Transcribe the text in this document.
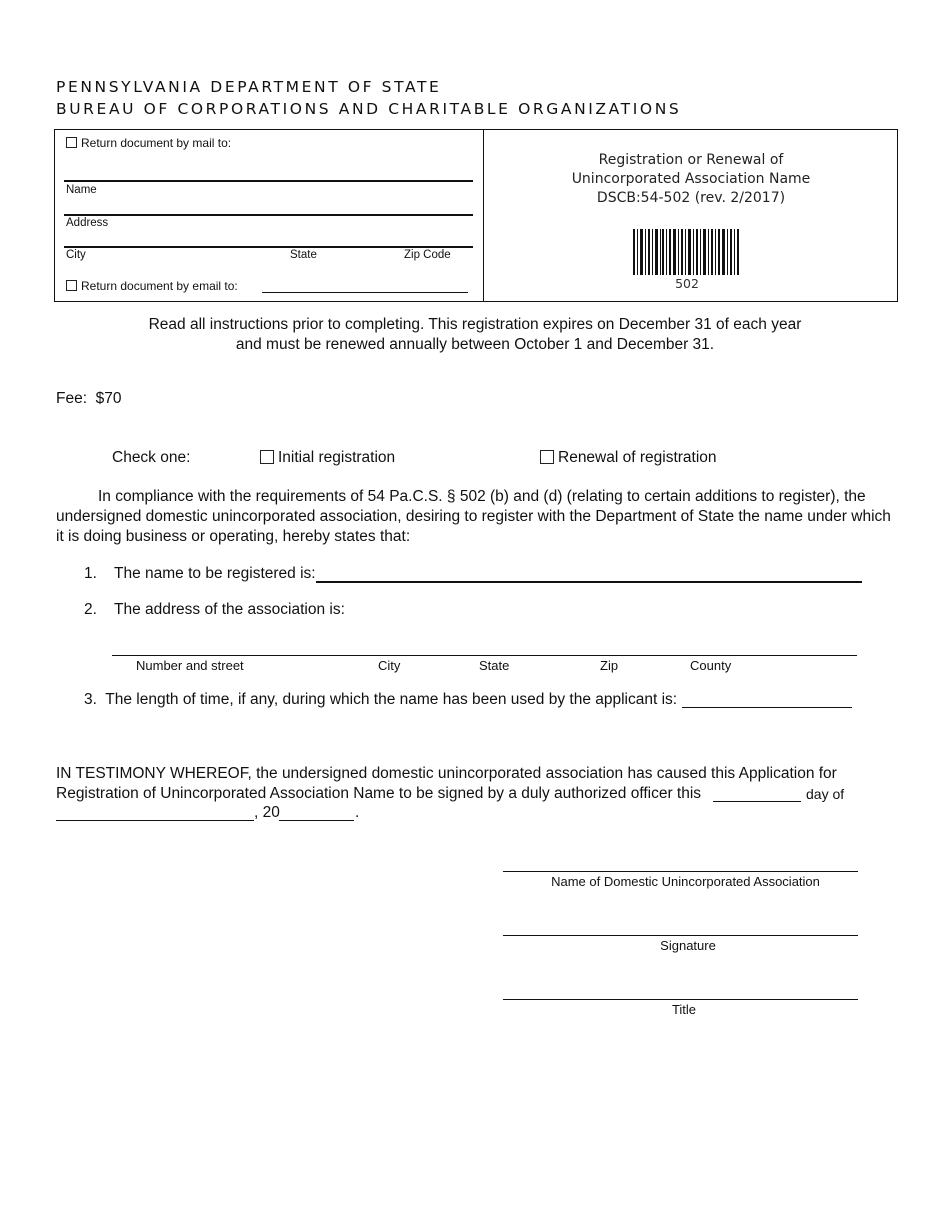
PENNSYLVANIA DEPARTMENT OF STATE
BUREAU OF CORPORATIONS AND CHARITABLE ORGANIZATIONS
Return document by mail to:
Name
Address
City	State	Zip Code
Return document by email to:
Registration or Renewal of
Unincorporated Association Name
DSCB:54-502 (rev. 2/2017)
502
Read all instructions prior to completing. This registration expires on December 31 of each year
and must be renewed annually between October 1 and December 31.
Fee:  $70
Check one:	Initial registration	Renewal of registration
In compliance with the requirements of 54 Pa.C.S. § 502 (b) and (d) (relating to certain additions to register), the
undersigned domestic unincorporated association, desiring to register with the Department of State the name under which
it is doing business or operating, hereby states that:
1. The name to be registered is:
2. The address of the association is:
Number and street	City	State	Zip	County
3.  The length of time, if any, during which the name has been used by the applicant is:
IN TESTIMONY WHEREOF, the undersigned domestic unincorporated association has caused this Application for
Registration of Unincorporated Association Name to be signed by a duly authorized officer this	day of
, 20	.
Name of Domestic Unincorporated Association
Signature
Title
